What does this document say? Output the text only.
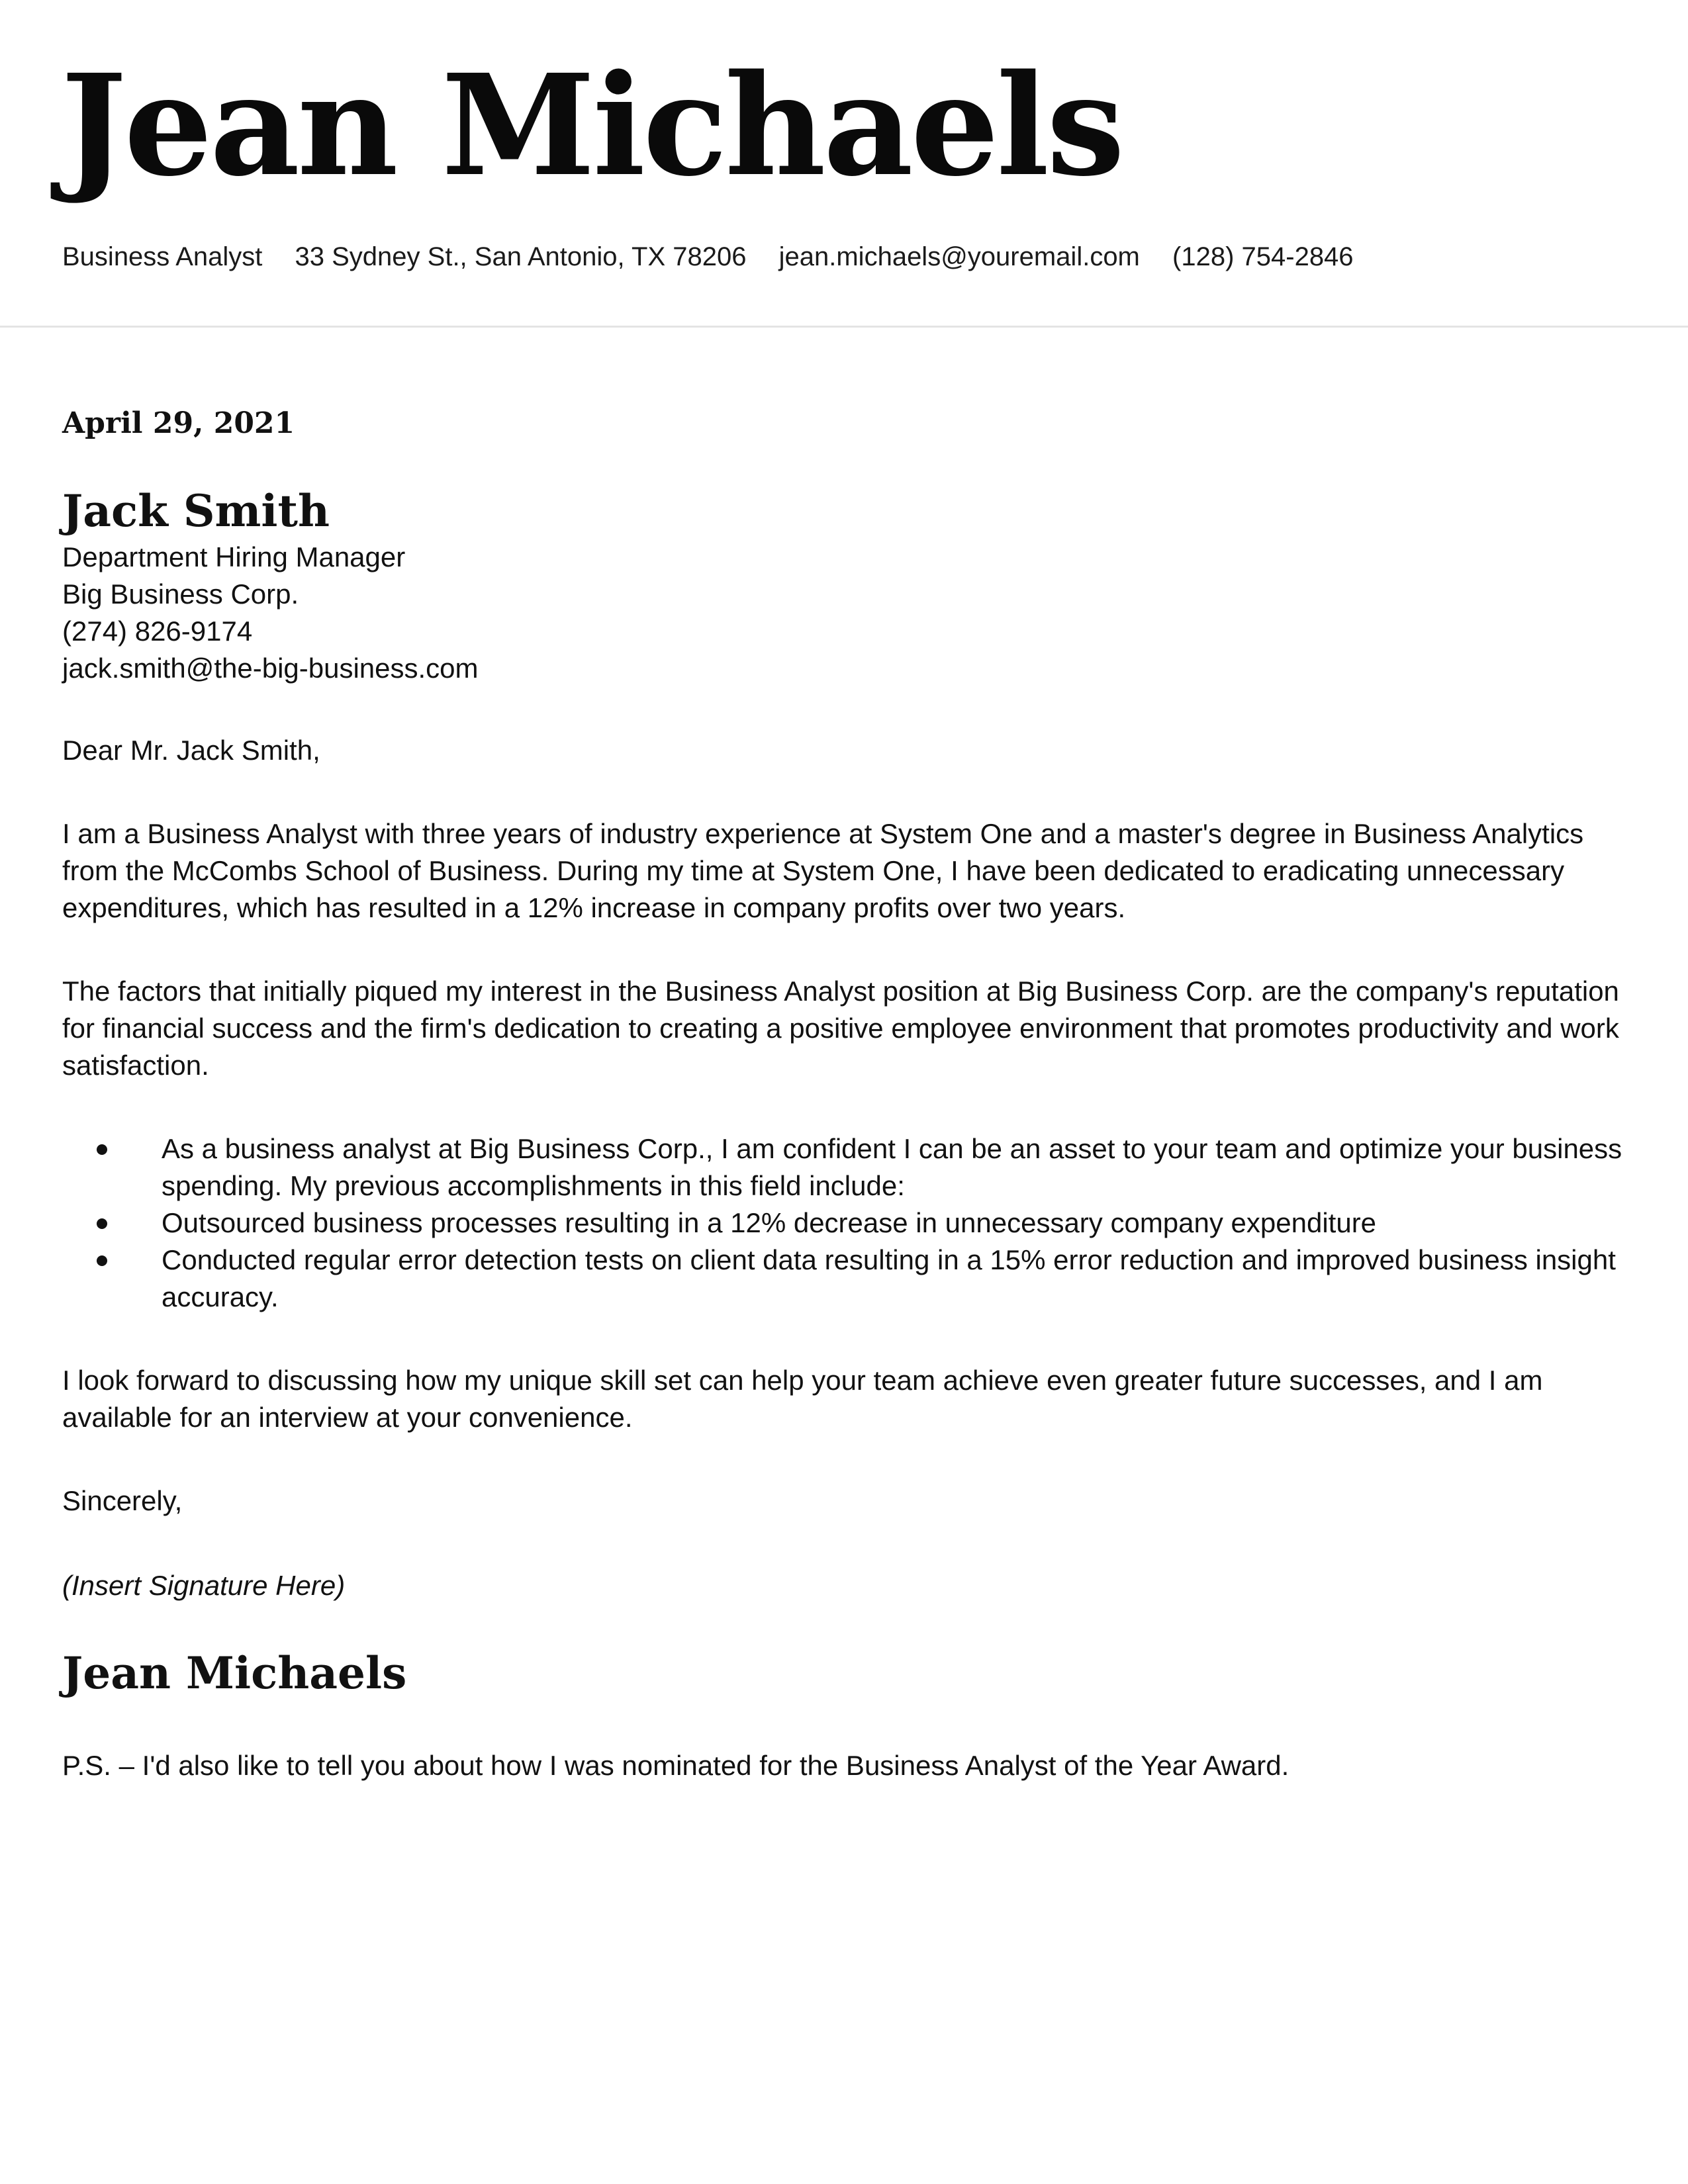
Jean Michaels
Business Analyst 33 Sydney St., San Antonio, TX 78206 jean.michaels@youremail.com (128) 754-2846

April 29, 2021

Jack Smith

Department Hiring Manager

Big Business Corp.

(274) 826-9174

jack.smith@the-big-business.com

Dear Mr. Jack Smith,

I am a Business Analyst with three years of industry experience at System One and a master's degree in Business Analytics from the McCombs School of Business. During my time at System One, I have been dedicated to eradicating unnecessary expenditures, which has resulted in a 12% increase in company profits over two years.

The factors that initially piqued my interest in the Business Analyst position at Big Business Corp. are the company's reputation for financial success and the firm's dedication to creating a positive employee environment that promotes productivity and work satisfaction.

As a business analyst at Big Business Corp., I am confident I can be an asset to your team and optimize your business spending. My previous accomplishments in this field include:
Outsourced business processes resulting in a 12% decrease in unnecessary company expenditure
Conducted regular error detection tests on client data resulting in a 15% error reduction and improved business insight accuracy.

I look forward to discussing how my unique skill set can help your team achieve even greater future successes, and I am available for an interview at your convenience.

Sincerely,

(Insert Signature Here)

Jean Michaels

P.S. – I'd also like to tell you about how I was nominated for the Business Analyst of the Year Award.
